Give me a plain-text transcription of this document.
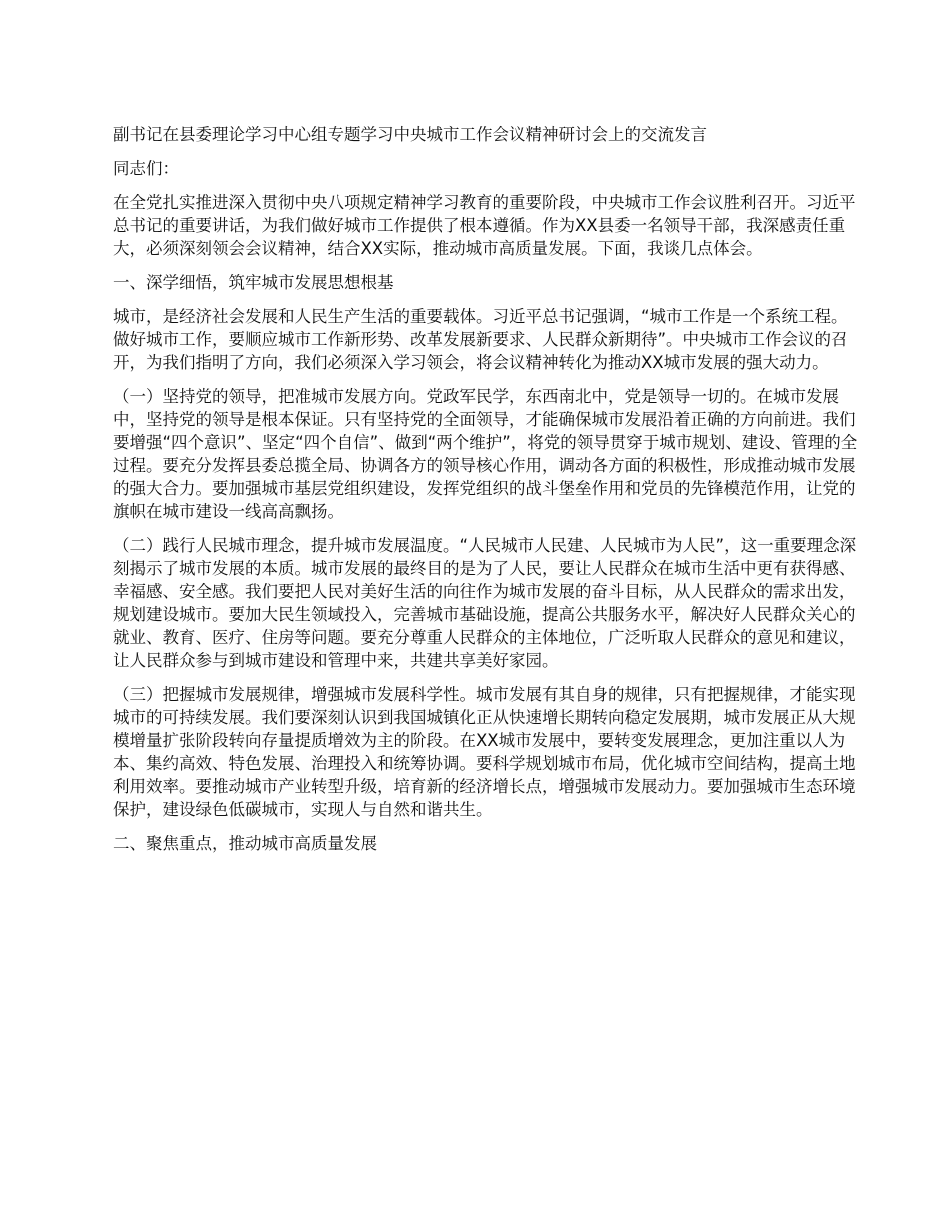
副书记在县委理论学习中心组专题学习中央城市工作会议精神研讨会上的交流发言

同志们：

在全党扎实推进深入贯彻中央八项规定精神学习教育的重要阶段，中央城市工作会议胜利召开。习近平总书记的重要讲话，为我们做好城市工作提供了根本遵循。作为XX县委一名领导干部，我深感责任重大，必须深刻领会会议精神，结合XX实际，推动城市高质量发展。下面，我谈几点体会。

一、深学细悟，筑牢城市发展思想根基

城市，是经济社会发展和人民生产生活的重要载体。习近平总书记强调，“城市工作是一个系统工程。做好城市工作，要顺应城市工作新形势、改革发展新要求、人民群众新期待”。中央城市工作会议的召开，为我们指明了方向，我们必须深入学习领会，将会议精神转化为推动XX城市发展的强大动力。

（一）坚持党的领导，把准城市发展方向。党政军民学，东西南北中，党是领导一切的。在城市发展中，坚持党的领导是根本保证。只有坚持党的全面领导，才能确保城市发展沿着正确的方向前进。我们要增强“四个意识”、坚定“四个自信”、做到“两个维护”，将党的领导贯穿于城市规划、建设、管理的全过程。要充分发挥县委总揽全局、协调各方的领导核心作用，调动各方面的积极性，形成推动城市发展的强大合力。要加强城市基层党组织建设，发挥党组织的战斗堡垒作用和党员的先锋模范作用，让党的旗帜在城市建设一线高高飘扬。

（二）践行人民城市理念，提升城市发展温度。“人民城市人民建、人民城市为人民”，这一重要理念深刻揭示了城市发展的本质。城市发展的最终目的是为了人民，要让人民群众在城市生活中更有获得感、幸福感、安全感。我们要把人民对美好生活的向往作为城市发展的奋斗目标，从人民群众的需求出发，规划建设城市。要加大民生领域投入，完善城市基础设施，提高公共服务水平，解决好人民群众关心的就业、教育、医疗、住房等问题。要充分尊重人民群众的主体地位，广泛听取人民群众的意见和建议，让人民群众参与到城市建设和管理中来，共建共享美好家园。

（三）把握城市发展规律，增强城市发展科学性。城市发展有其自身的规律，只有把握规律，才能实现城市的可持续发展。我们要深刻认识到我国城镇化正从快速增长期转向稳定发展期，城市发展正从大规模增量扩张阶段转向存量提质增效为主的阶段。在XX城市发展中，要转变发展理念，更加注重以人为本、集约高效、特色发展、治理投入和统筹协调。要科学规划城市布局，优化城市空间结构，提高土地利用效率。要推动城市产业转型升级，培育新的经济增长点，增强城市发展动力。要加强城市生态环境保护，建设绿色低碳城市，实现人与自然和谐共生。

二、聚焦重点，推动城市高质量发展
